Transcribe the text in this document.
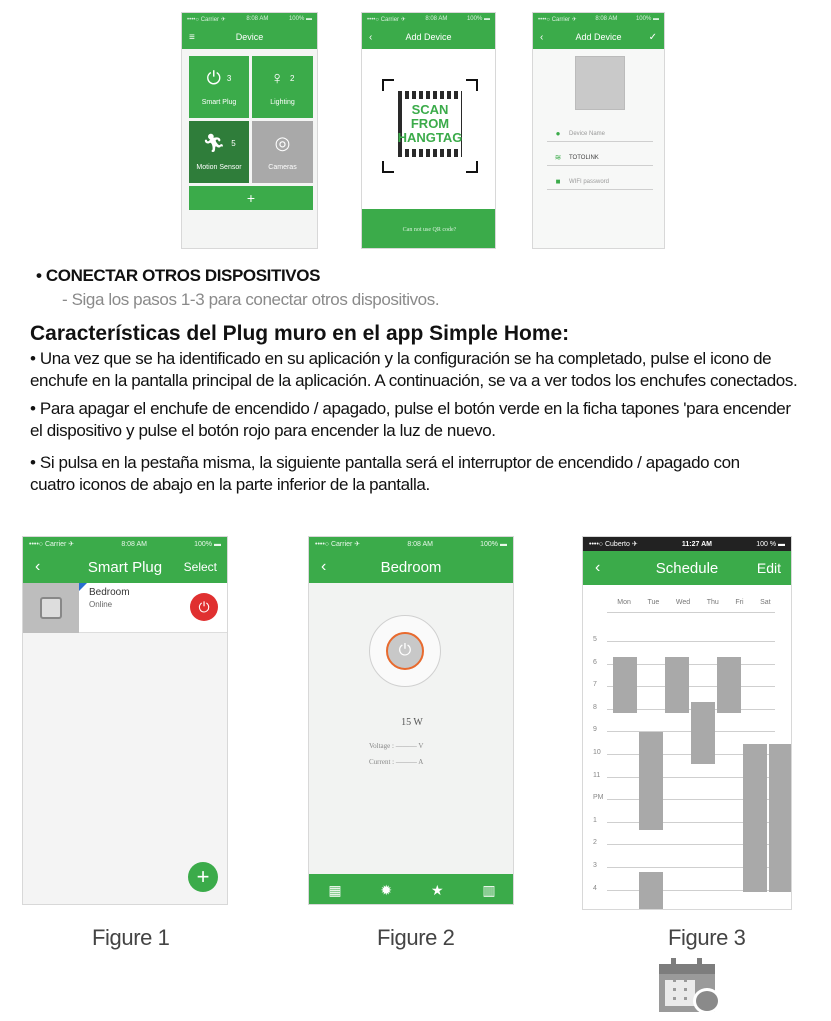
••••○ Carrier ✈	8:08 AM	100% ▬
≡	Device
⏻ 3
Smart Plug
♀ 2
Lighting
🏃︎ 5
Motion Sensor
◎
Cameras
+
••••○ Carrier ✈	8:08 AM	100% ▬
‹	Add Device
SCAN
FROM
HANGTAG
Can not use QR code?
••••○ Carrier ✈	8:08 AM	100% ▬
‹	Add Device	✓
●	Device Name
≋	TOTOLINK
■	WIFI password
• CONECTAR OTROS DISPOSITIVOS
- Siga los pasos 1-3 para conectar otros dispositivos.
Características del Plug muro en el app Simple Home:
• Una vez que se ha identificado en su aplicación y la configuración se ha completado, pulse el icono de
enchufe en la pantalla principal de la aplicación. A continuación, se va a ver todos los enchufes conectados.
• Para apagar el enchufe de encendido / apagado, pulse el botón verde en la ficha tapones 'para encender
el dispositivo y pulse el botón rojo para encender la luz de nuevo.
• Si pulsa en la pestaña misma, la siguiente pantalla será el interruptor de encendido / apagado con
cuatro iconos de abajo en la parte inferior de la pantalla.
••••○ Carrier ✈	8:08 AM	100% ▬
‹	Smart Plug Select
Bedroom
Online	⏻
+
Figure 1
••••○ Carrier ✈	8:08 AM	100% ▬
‹	Bedroom
⏻
15 W
Voltage : ——— V
Current : ——— A
▦	✹	★	▥
Figure 2
••••○ Cuberto ✈	11:27 AM	100 % ▬
‹	Schedule	Edit
Mon Tue Wed Thu Fri Sat
5
6
7
8
9
10
11
PM
1
2
3
4
Figure 3
